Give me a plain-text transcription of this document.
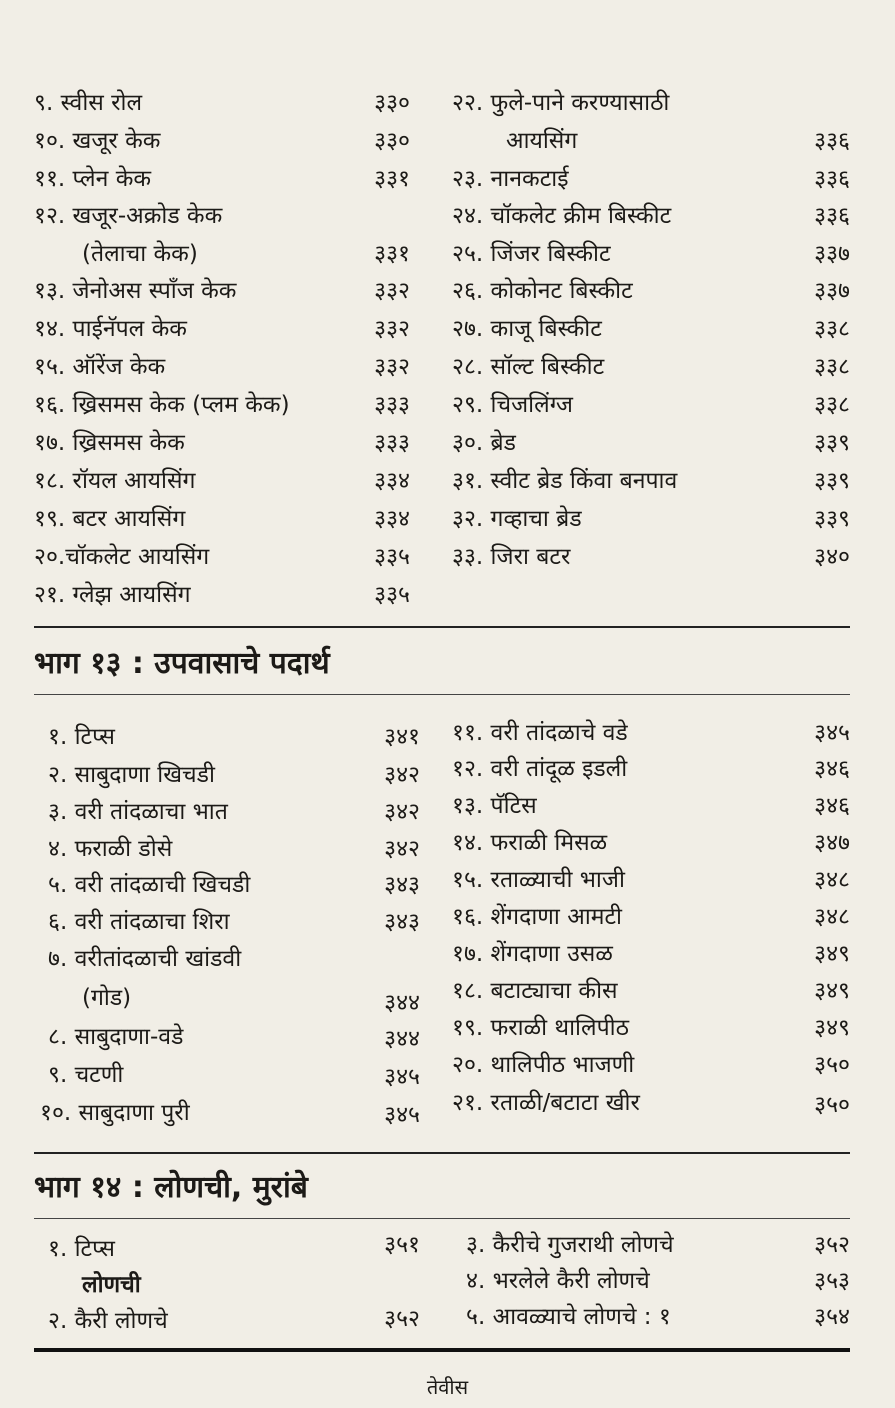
९. स्वीस रोल	३३०
१०. खजूर केक	३३०
११. प्लेन केक	३३१
१२. खजूर-अक्रोड केक
(तेलाचा केक)	३३१
१३. जेनोअस स्पाँज केक	३३२
१४. पाईनॅपल केक	३३२
१५. ऑरेंज केक	३३२
१६. ख्रिसमस केक (प्लम केक)	३३३
१७. ख्रिसमस केक	३३३
१८. रॉयल आयसिंग	३३४
१९. बटर आयसिंग	३३४
२०.चॉकलेट आयसिंग	३३५
२१. ग्लेझ आयसिंग	३३५
२२. फुले-पाने करण्यासाठी
आयसिंग	३३६
२३. नानकटाई	३३६
२४. चॉकलेट क्रीम बिस्कीट	३३६
२५. जिंजर बिस्कीट	३३७
२६. कोकोनट बिस्कीट	३३७
२७. काजू बिस्कीट	३३८
२८. सॉल्ट बिस्कीट	३३८
२९. चिजलिंग्ज	३३८
३०. ब्रेड	३३९
३१. स्वीट ब्रेड किंवा बनपाव	३३९
३२. गव्हाचा ब्रेड	३३९
३३. जिरा बटर	३४०
भाग १३ : उपवासाचे पदार्थ
१. टिप्स	३४१
२. साबुदाणा खिचडी	३४२
३. वरी तांदळाचा भात	३४२
४. फराळी डोसे	३४२
५. वरी तांदळाची खिचडी	३४३
६. वरी तांदळाचा शिरा	३४३
७. वरीतांदळाची खांडवी
(गोड)	३४४
८. साबुदाणा-वडे	३४४
९. चटणी	३४५
१०. साबुदाणा पुरी	३४५
११. वरी तांदळाचे वडे	३४५
१२. वरी तांदूळ इडली	३४६
१३. पॅटिस	३४६
१४. फराळी मिसळ	३४७
१५. रताळ्याची भाजी	३४८
१६. शेंगदाणा आमटी	३४८
१७. शेंगदाणा उसळ	३४९
१८. बटाट्याचा कीस	३४९
१९. फराळी थालिपीठ	३४९
२०. थालिपीठ भाजणी	३५०
२१. रताळी/बटाटा खीर	३५०
भाग १४ : लोणची, मुरांबे
१. टिप्स	३५१
लोणची
२. कैरी लोणचे	३५२
३. कैरीचे गुजराथी लोणचे	३५२
४. भरलेले कैरी लोणचे	३५३
५. आवळ्याचे लोणचे : १	३५४
तेवीस
